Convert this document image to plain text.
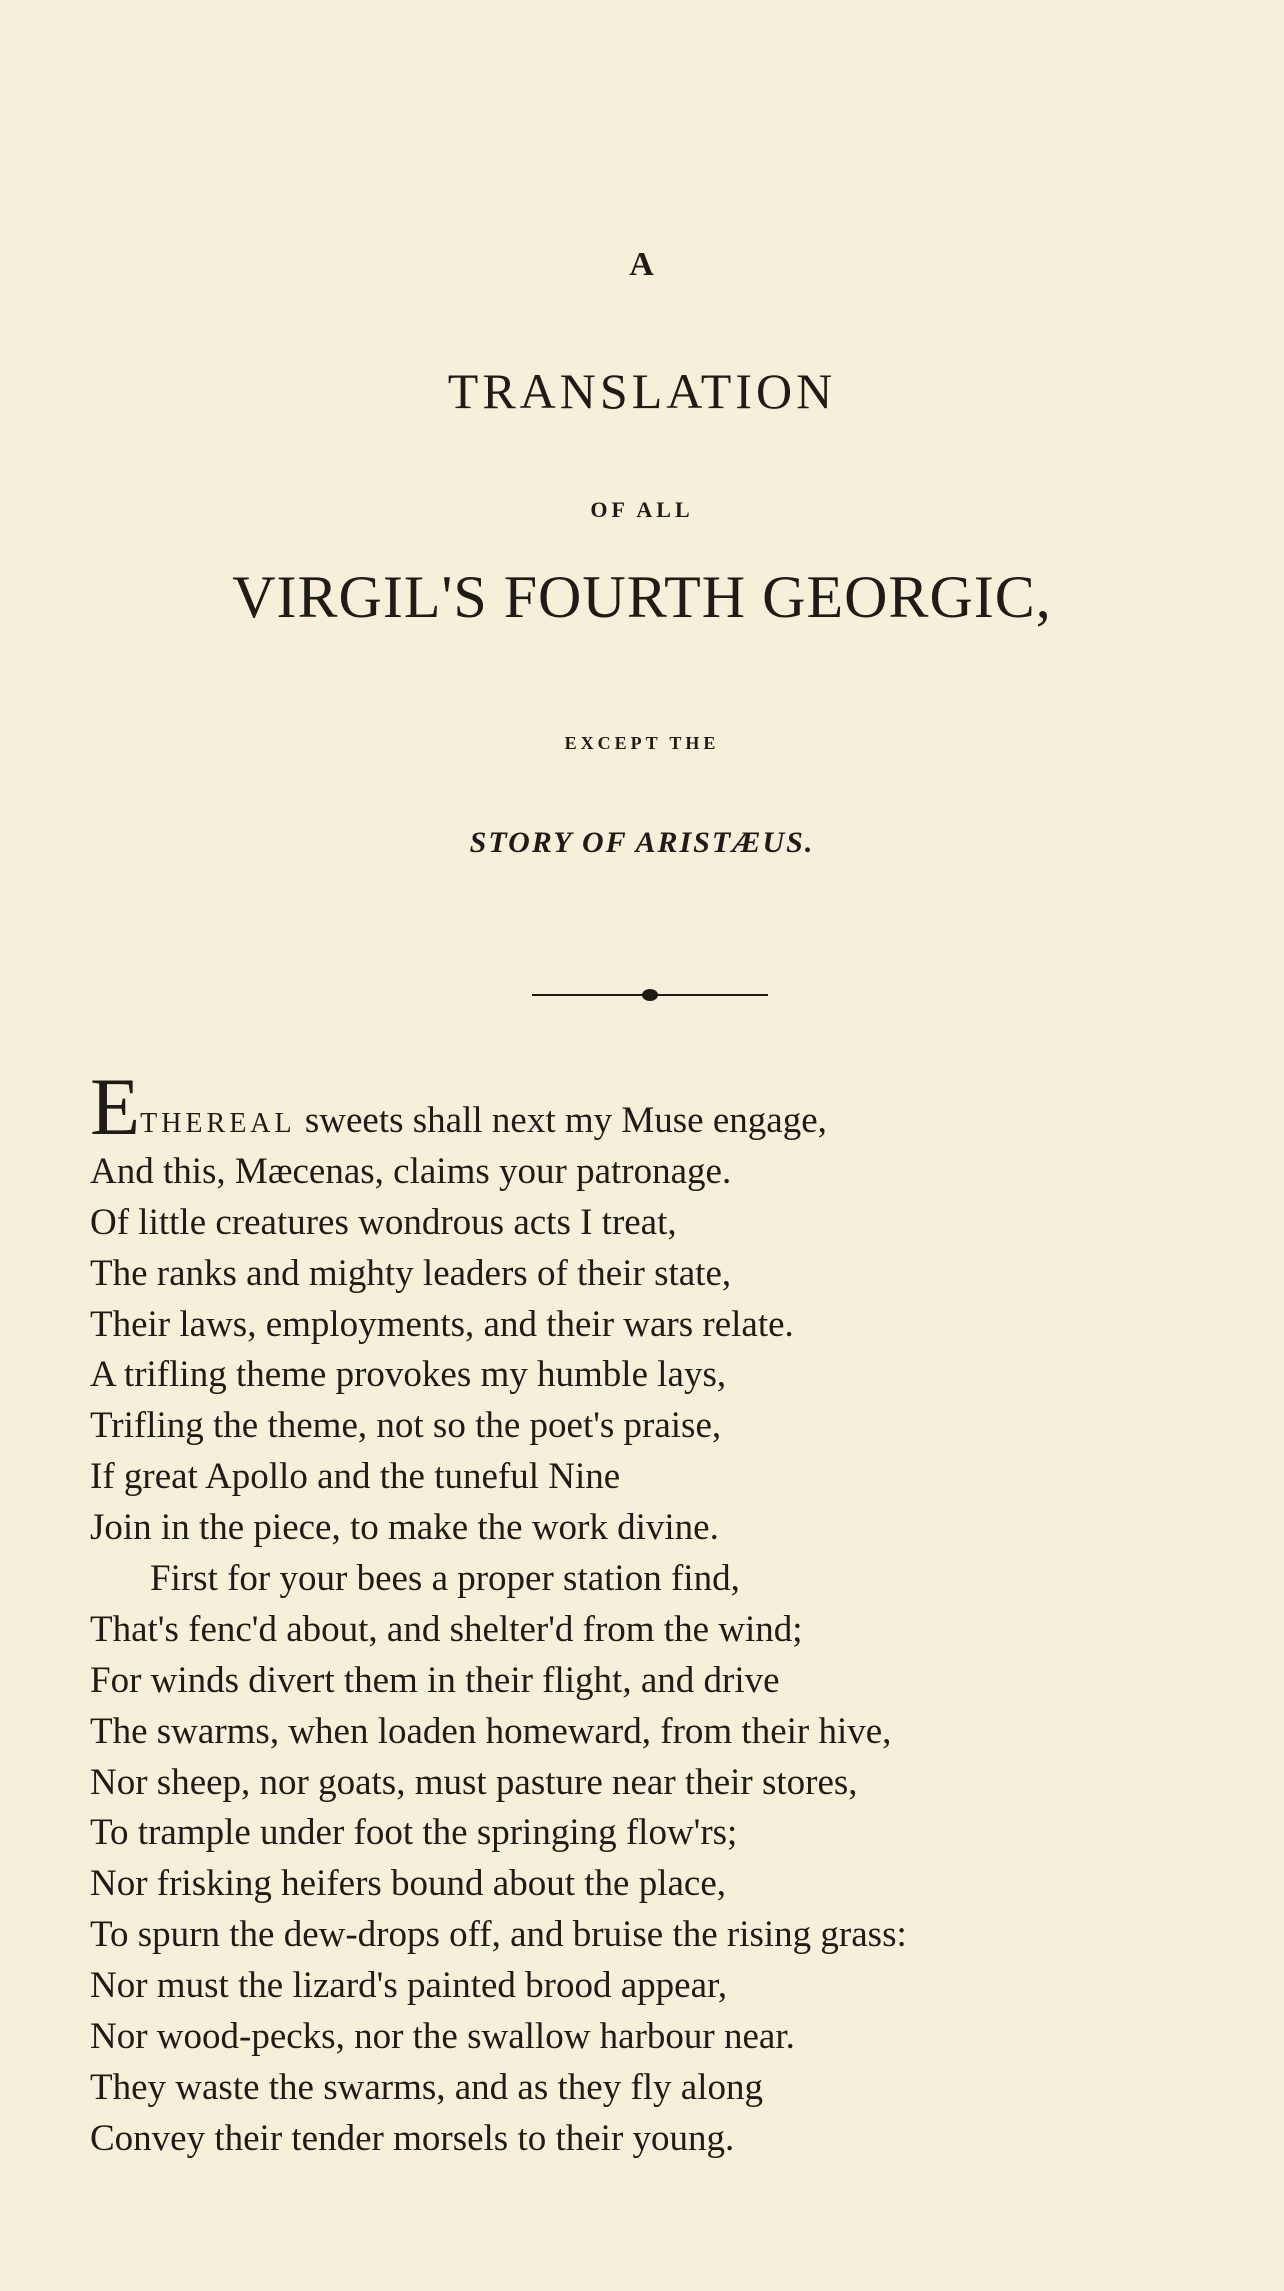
A
TRANSLATION
OF ALL
VIRGIL'S FOURTH GEORGIC,
EXCEPT THE
STORY OF ARISTÆUS.
ETHEREAL sweets shall next my Muse engage,
And this, Mæcenas, claims your patronage.
Of little creatures wondrous acts I treat,
The ranks and mighty leaders of their state,
Their laws, employments, and their wars relate.
A trifling theme provokes my humble lays,
Trifling the theme, not so the poet's praise,
If great Apollo and the tuneful Nine
Join in the piece, to make the work divine.
First for your bees a proper station find,
That's fenc'd about, and shelter'd from the wind;
For winds divert them in their flight, and drive
The swarms, when loaden homeward, from their hive,
Nor sheep, nor goats, must pasture near their stores,
To trample under foot the springing flow'rs;
Nor frisking heifers bound about the place,
To spurn the dew-drops off, and bruise the rising grass:
Nor must the lizard's painted brood appear,
Nor wood-pecks, nor the swallow harbour near.
They waste the swarms, and as they fly along
Convey their tender morsels to their young.
